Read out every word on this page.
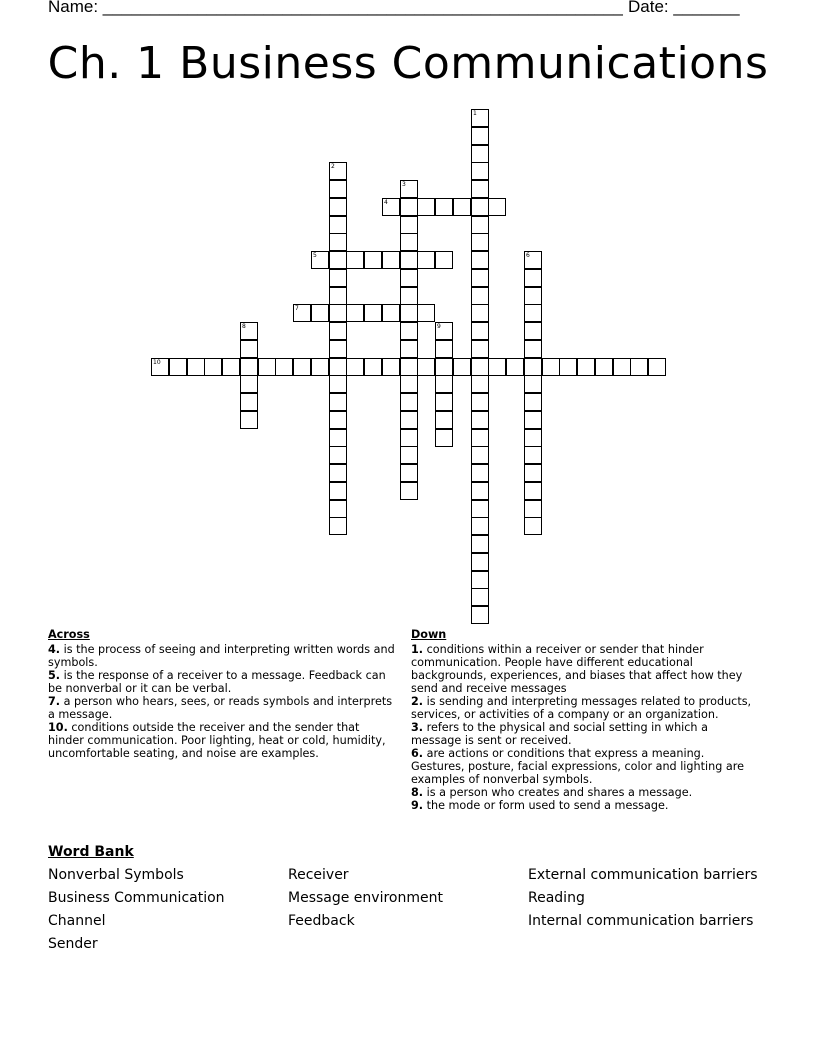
Name: _______________________________________________________ Date: _______
Ch. 1 Business Communications
1
2
3
4
5	6
7
8	9
10
Across

4. is the process of seeing and interpreting written words and symbols.

5. is the response of a receiver to a message. Feedback can be nonverbal or it can be verbal.

7. a person who hears, sees, or reads symbols and interprets a message.

10. conditions outside the receiver and the sender that hinder communication. Poor lighting, heat or cold, humidity, uncomfortable seating, and noise are examples.

Down

1. conditions within a receiver or sender that hinder communication. People have different educational backgrounds, experiences, and biases that affect how they send and receive messages

2. is sending and interpreting messages related to products, services, or activities of a company or an organization.

3. refers to the physical and social setting in which a message is sent or received.

6. are actions or conditions that express a meaning. Gestures, posture, facial expressions, color and lighting are examples of nonverbal symbols.

8. is a person who creates and shares a message.

9. the mode or form used to send a message.

Word Bank
Nonverbal Symbols	Receiver	External communication barriers
Business Communication	Message environment	Reading
Channel	Feedback	Internal communication barriers
Sender
